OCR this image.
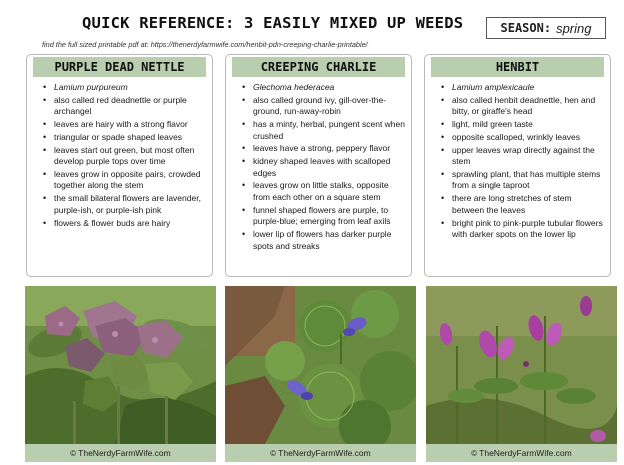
QUICK REFERENCE: 3 EASILY MIXED UP WEEDS	SEASON: spring
find the full sized printable pdf at: https://thenerdyfarmwife.com/henbit-pdn-creeping-charlie-printable/
PURPLE DEAD NETTLE
• Lamium purpureum
• also called red deadnettle or purple archangel
• leaves are hairy with a strong flavor
• triangular or spade shaped leaves
• leaves start out green, but most often develop purple tops over time
• leaves grow in opposite pairs, crowded together along the stem
• the small bilateral flowers are lavender, purple-ish, or purple-ish pink
• flowers & flower buds are hairy
CREEPING CHARLIE
• Glechoma hederacea
• also called ground ivy, gill-over-the-ground, run-away-robin
• has a minty, herbal, pungent scent when crushed
• leaves have a strong, peppery flavor
• kidney shaped leaves with scalloped edges
• leaves grow on little stalks, opposite from each other on a square stem
• funnel shaped flowers are purple, to purple-blue; emerging from leaf axils
• lower lip of flowers has darker purple spots and streaks
HENBIT
• Lamium amplexicaule
• also called henbit deadnettle, hen and bitty, or giraffe's head
• light, mild green taste
• opposite scalloped, wrinkly leaves
• upper leaves wrap directly against the stem
• sprawling plant, that has multiple stems from a single taproot
• there are long stretches of stem between the leaves
• bright pink to pink-purple tubular flowers with darker spots on the lower lip
© TheNerdyFarmWife.com	© TheNerdyFarmWife.com	© TheNerdyFarmWife.com
